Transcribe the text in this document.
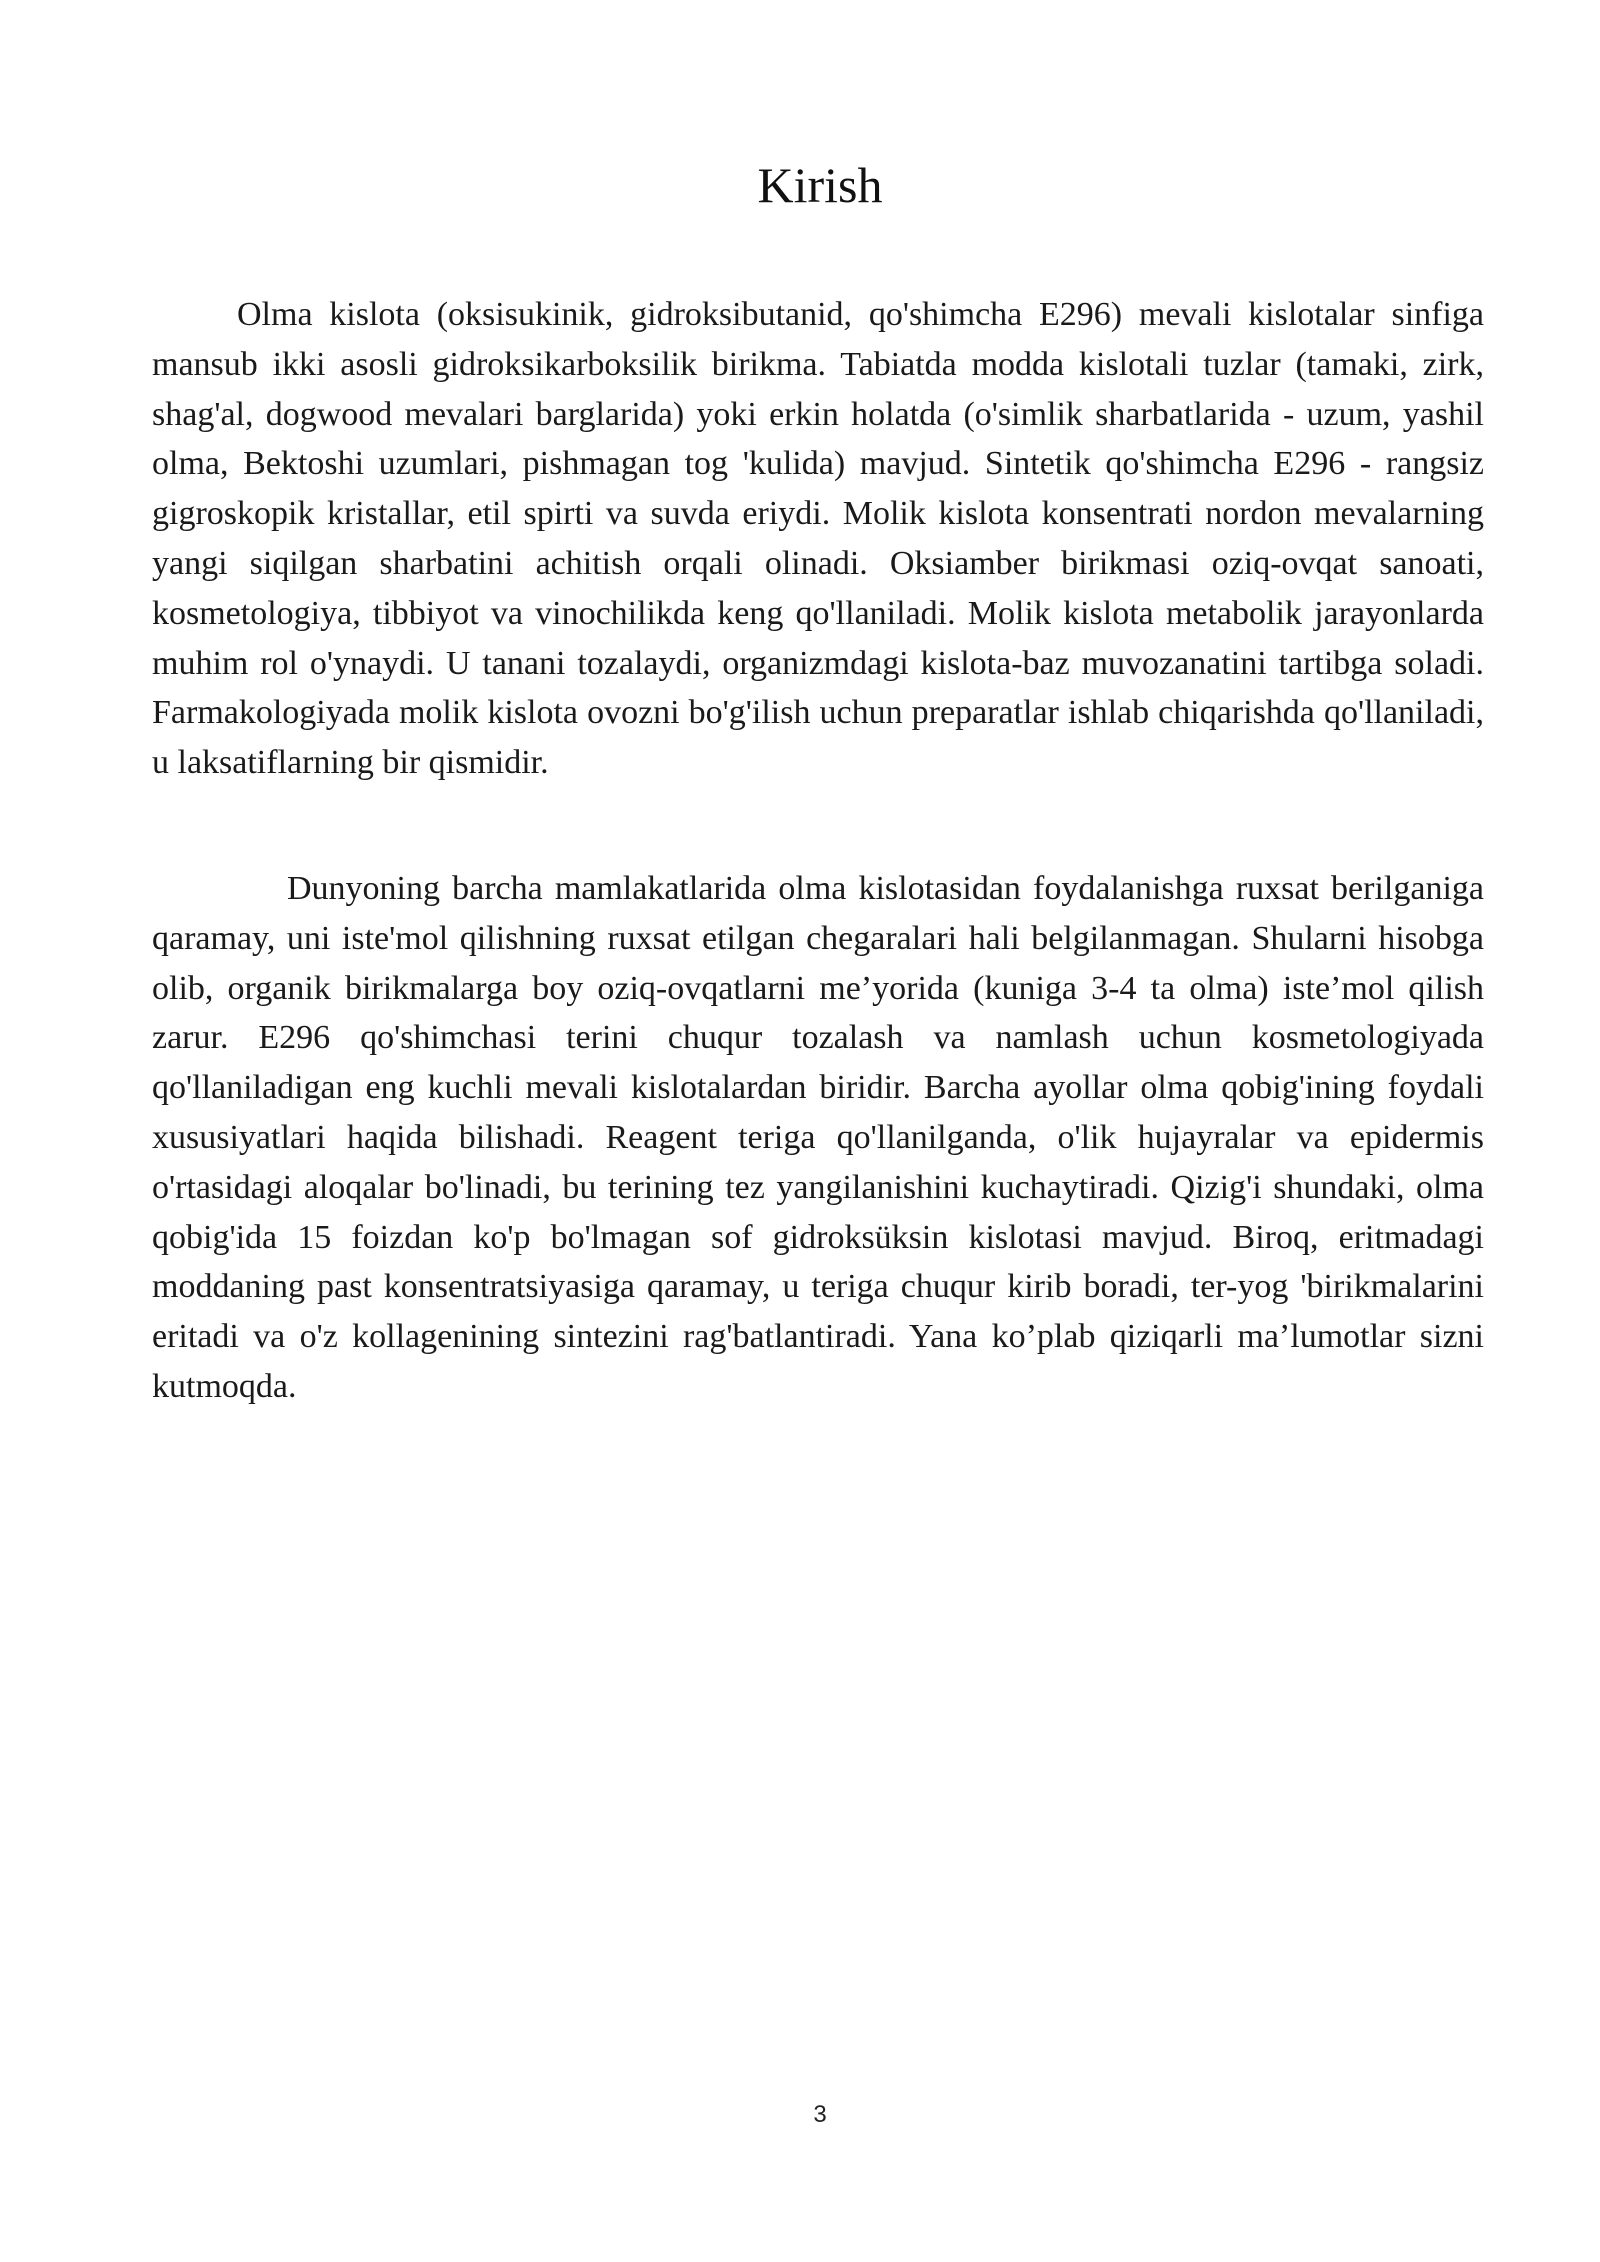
Kirish

Olma kislota (oksisukinik, gidroksibutanid, qo'shimcha E296) mevali kislotalar sinfiga mansub ikki asosli gidroksikarboksilik birikma. Tabiatda modda kislotali tuzlar (tamaki, zirk, shag'al, dogwood mevalari barglarida) yoki erkin holatda (o'simlik sharbatlarida - uzum, yashil olma, Bektoshi uzumlari, pishmagan tog 'kulida) mavjud. Sintetik qo'shimcha E296 - rangsiz gigroskopik kristallar, etil spirti va suvda eriydi. Molik kislota konsentrati nordon mevalarning yangi siqilgan sharbatini achitish orqali olinadi. Oksiamber birikmasi oziq-ovqat sanoati, kosmetologiya, tibbiyot va vinochilikda keng qo'llaniladi. Molik kislota metabolik jarayonlarda muhim rol o'ynaydi. U tanani tozalaydi, organizmdagi kislota-baz muvozanatini tartibga soladi. Farmakologiyada molik kislota ovozni bo'g'ilish uchun preparatlar ishlab chiqarishda qo'llaniladi, u laksatiflarning bir qismidir.

Dunyoning barcha mamlakatlarida olma kislotasidan foydalanishga ruxsat berilganiga qaramay, uni iste'mol qilishning ruxsat etilgan chegaralari hali belgilanmagan. Shularni hisobga olib, organik birikmalarga boy oziq-ovqatlarni me’yorida (kuniga 3-4 ta olma) iste’mol qilish zarur. E296 qo'shimchasi terini chuqur tozalash va namlash uchun kosmetologiyada qo'llaniladigan eng kuchli mevali kislotalardan biridir. Barcha ayollar olma qobig'ining foydali xususiyatlari haqida bilishadi. Reagent teriga qo'llanilganda, o'lik hujayralar va epidermis o'rtasidagi aloqalar bo'linadi, bu terining tez yangilanishini kuchaytiradi. Qizig'i shundaki, olma qobig'ida 15 foizdan ko'p bo'lmagan sof gidroksüksin kislotasi mavjud. Biroq, eritmadagi moddaning past konsentratsiyasiga qaramay, u teriga chuqur kirib boradi, ter-yog 'birikmalarini eritadi va o'z kollagenining sintezini rag'batlantiradi. Yana ko’plab qiziqarli ma’lumotlar sizni kutmoqda.

3
